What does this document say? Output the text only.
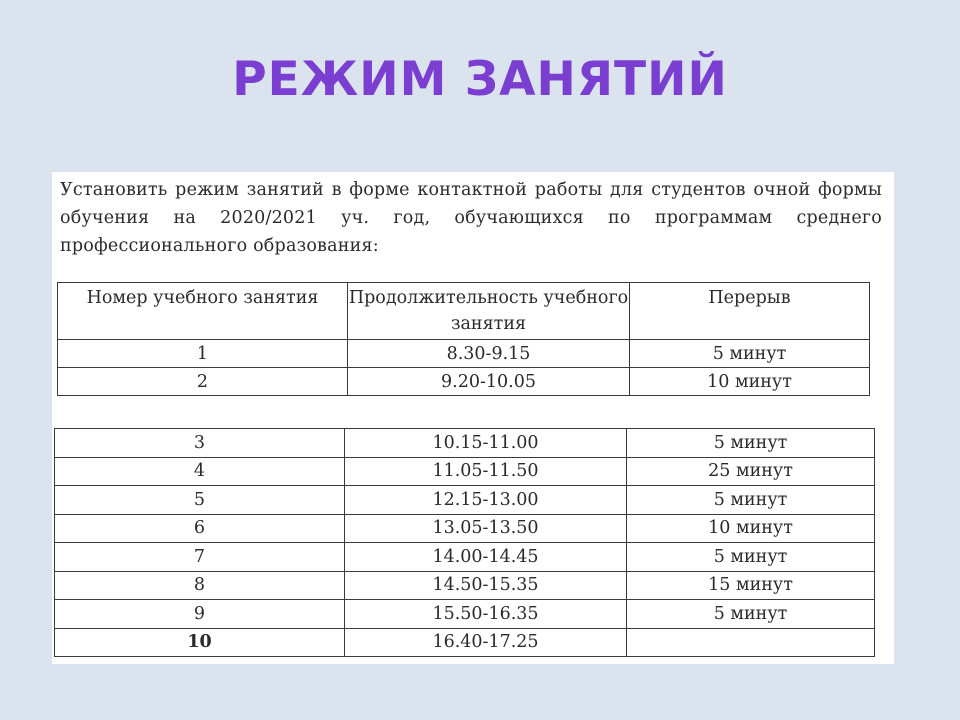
РЕЖИМ ЗАНЯТИЙ
Установить режим занятий в форме контактной работы для студентов очной формы обучения на 2020/2021 уч. год, обучающихся по программам среднего профессионального образования:
Номер учебного занятия	Продолжительность учебного занятия	Перерыв
1	8.30-9.15	5 минут
2	9.20-10.05	10 минут
3	10.15-11.00	5 минут
4	11.05-11.50	25 минут
5	12.15-13.00	5 минут
6	13.05-13.50	10 минут
7	14.00-14.45	5 минут
8	14.50-15.35	15 минут
9	15.50-16.35	5 минут
10	16.40-17.25	
